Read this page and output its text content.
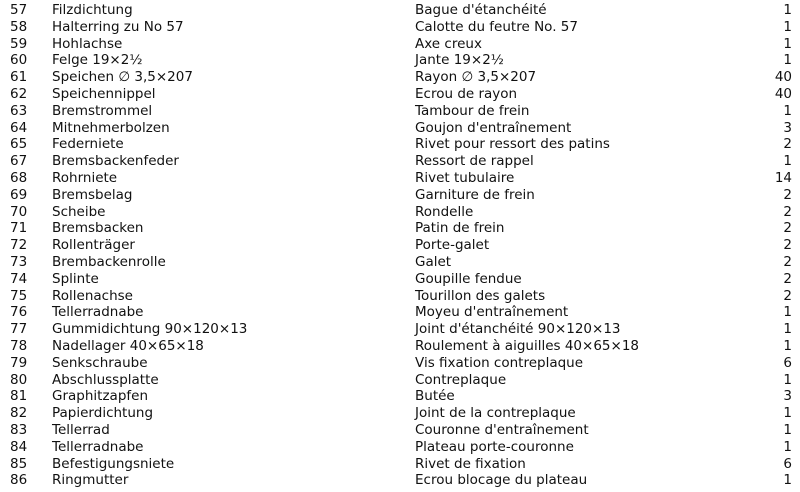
57 Filzdichtung	Bague d'étanchéité	1
58 Halterring zu No 57	Calotte du feutre No. 57	1
59 Hohlachse	Axe creux	1
60 Felge 19×2½	Jante 19×2½	1
61 Speichen ∅ 3,5×207	Rayon ∅ 3,5×207	40
62 Speichennippel	Ecrou de rayon	40
63 Bremstrommel	Tambour de frein	1
64 Mitnehmerbolzen	Goujon d'entraînement	3
65 Federniete	Rivet pour ressort des patins	2
67 Bremsbackenfeder	Ressort de rappel	1
68 Rohrniete	Rivet tubulaire	14
69 Bremsbelag	Garniture de frein	2
70 Scheibe	Rondelle	2
71 Bremsbacken	Patin de frein	2
72 Rollenträger	Porte-galet	2
73 Brembackenrolle	Galet	2
74 Splinte	Goupille fendue	2
75 Rollenachse	Tourillon des galets	2
76 Tellerradnabe	Moyeu d'entraînement	1
77 Gummidichtung 90×120×13	Joint d'étanchéité 90×120×13	1
78 Nadellager 40×65×18	Roulement à aiguilles 40×65×18	1
79 Senkschraube	Vis fixation contreplaque	6
80 Abschlussplatte	Contreplaque	1
81 Graphitzapfen	Butée	3
82 Papierdichtung	Joint de la contreplaque	1
83 Tellerrad	Couronne d'entraînement	1
84 Tellerradnabe	Plateau porte-couronne	1
85 Befestigungsniete	Rivet de fixation	6
86 Ringmutter	Ecrou blocage du plateau	1
